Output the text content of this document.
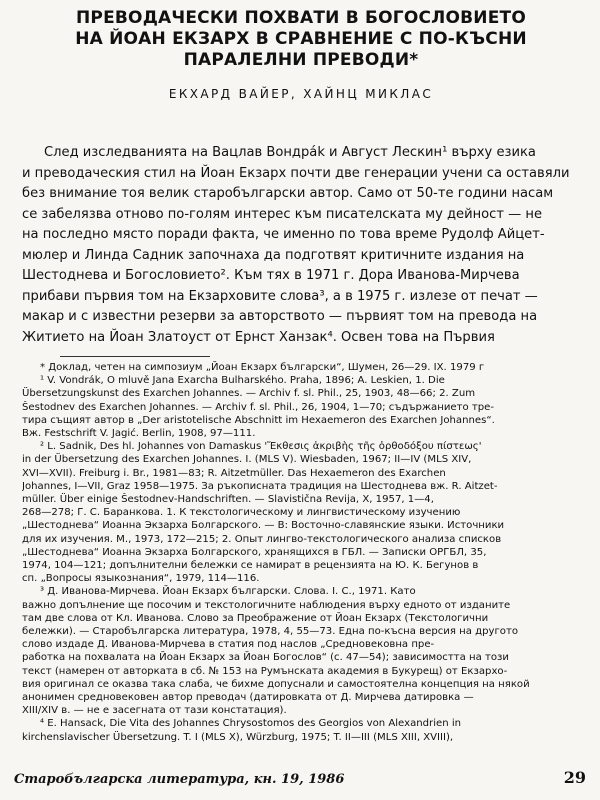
ПРЕВОДАЧЕСКИ ПОХВАТИ В БОГОСЛОВИЕТО
НА ЙОАН ЕКЗАРХ В СРАВНЕНИЕ С ПО-КЪСНИ
ПАРАЛЕЛНИ ПРЕВОДИ*
ЕКХАРД ВАЙЕР, ХАЙНЦ МИКЛАС
След изследванията на Вацлав Вондрák и Август Лескин¹ върху езика
и преводаческия стил на Йоан Екзарх почти две генерации учени са оставяли
без внимание тоя велик старобългарски автор. Само от 50-те години насам
се забелязва отново по-голям интерес към писателската му дейност — не
на последно място поради факта, че именно по това време Рудолф Айцет-
мюлер и Линда Садник започнаха да подготвят критичните издания на
Шестоднева и Богословието². Към тях в 1971 г. Дора Иванова-Мирчева
прибави първия том на Екзарховите слова³, а в 1975 г. излезе от печат —
макар и с известни резерви за авторството — първият том на превода на
Житието на Йоан Златоуст от Ернст Ханзак⁴. Освен това на Първия
* Доклад, четен на симпозиум „Йоан Екзарх български“, Шумен, 26—29. IX. 1979 г
¹ V. Vondrák, O mluvě Jana Exarcha Bulharského. Praha, 1896; A. Leskien, 1. Die
Übersetzungskunst des Exarchen Johannes. — Archiv f. sl. Phil., 25, 1903, 48—66; 2. Zum
Šestodnev des Exarchen Johannes. — Archiv f. sl. Phil., 26, 1904, 1—70; съдържанието тре-
тира същият автор в „Der aristotelische Abschnitt im Hexaemeron des Exarchen Johannes“.
Вж. Festschrift V. Jagić. Berlin, 1908, 97—111.
² L. Sadnik, Des hl. Johannes von Damaskus 'Ἔκθεσις ἀκριβὴς τῆς ὀρθοδόξου πίστεως'
in der Übersetzung des Exarchen Johannes. I. (MLS V). Wiesbaden, 1967; II—IV (MLS XIV,
XVI—XVII). Freiburg i. Br., 1981—83; R. Aitzetmüller. Das Hexaemeron des Exarchen
Johannes, I—VII, Graz 1958—1975. За ръкописната традиция на Шестоднева вж. R. Aitzet-
müller. Über einige Šestodnev-Handschriften. — Slavistična Revija, X, 1957, 1—4,
268—278; Г. С. Баранкова. 1. К текстологическому и лингвистическому изучению
„Шестоднева“ Иоанна Экзарха Болгарского. — В: Восточно-славянские языки. Источники
для их изучения. М., 1973, 172—215; 2. Опыт лингво-текстологического анализа списков
„Шестоднева“ Иоанна Экзарха Болгарского, хранящихся в ГБЛ. — Записки ОРГБЛ, 35,
1974, 104—121; допълнителни бележки се намират в рецензията на Ю. К. Бегунов в
сп. „Вопросы языкознания“, 1979, 114—116.
³ Д. Иванова-Мирчева. Йоан Екзарх български. Слова. I. С., 1971. Като
важно допълнение ще посочим и текстологичните наблюдения върху едното от изданите
там две слова от Кл. Иванова. Слово за Преображение от Йоан Екзарх (Текстологични
бележки). — Старобългарска литература, 1978, 4, 55—73. Една по-късна версия на другото
слово издаде Д. Иванова-Мирчева в статия под наслов „Средновековна пре-
работка на похвалата на Йоан Екзарх за Йоан Богослов“ (с. 47—54); зависимостта на този
текст (намерен от авторката в сб. № 153 на Румънската академия в Букурещ) от Екзархо-
вия оригинал се оказва така слаба, че бихме допуснали и самостоятелна концепция на някой
анонимен средновековен автор преводач (датировката от Д. Мирчева датировка —
XIII/XIV в. — не е засегната от тази констатация).
⁴ E. Hansack, Die Vita des Johannes Chrysostomos des Georgios von Alexandrien in
kirchenslavischer Übersetzung. T. I (MLS X), Würzburg, 1975; T. II—III (MLS XIII, XVIII),
Старобългарска литература, кн. 19, 1986	29
